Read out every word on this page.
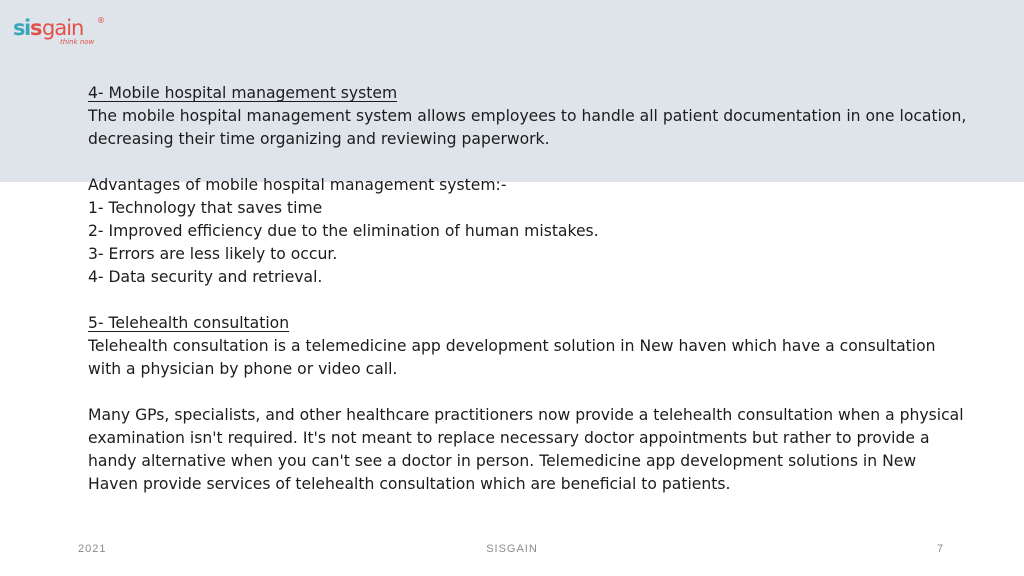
si s gain ®
think now

4- Mobile hospital management system

The mobile hospital management system allows employees to handle all patient documentation in one location, decreasing their time organizing and reviewing paperwork.

Advantages of mobile hospital management system:-

1- Technology that saves time

2- Improved efficiency due to the elimination of human mistakes.

3- Errors are less likely to occur.

4- Data security and retrieval.

5- Telehealth consultation

Telehealth consultation is a telemedicine app development solution in New haven which have a consultation with a physician by phone or video call.

Many GPs, specialists, and other healthcare practitioners now provide a telehealth consultation when a physical examination isn't required. It's not meant to replace necessary doctor appointments but rather to provide a handy alternative when you can't see a doctor in person. Telemedicine app development solutions in New Haven provide services of telehealth consultation which are beneficial to patients.

2021	SISGAIN	7
